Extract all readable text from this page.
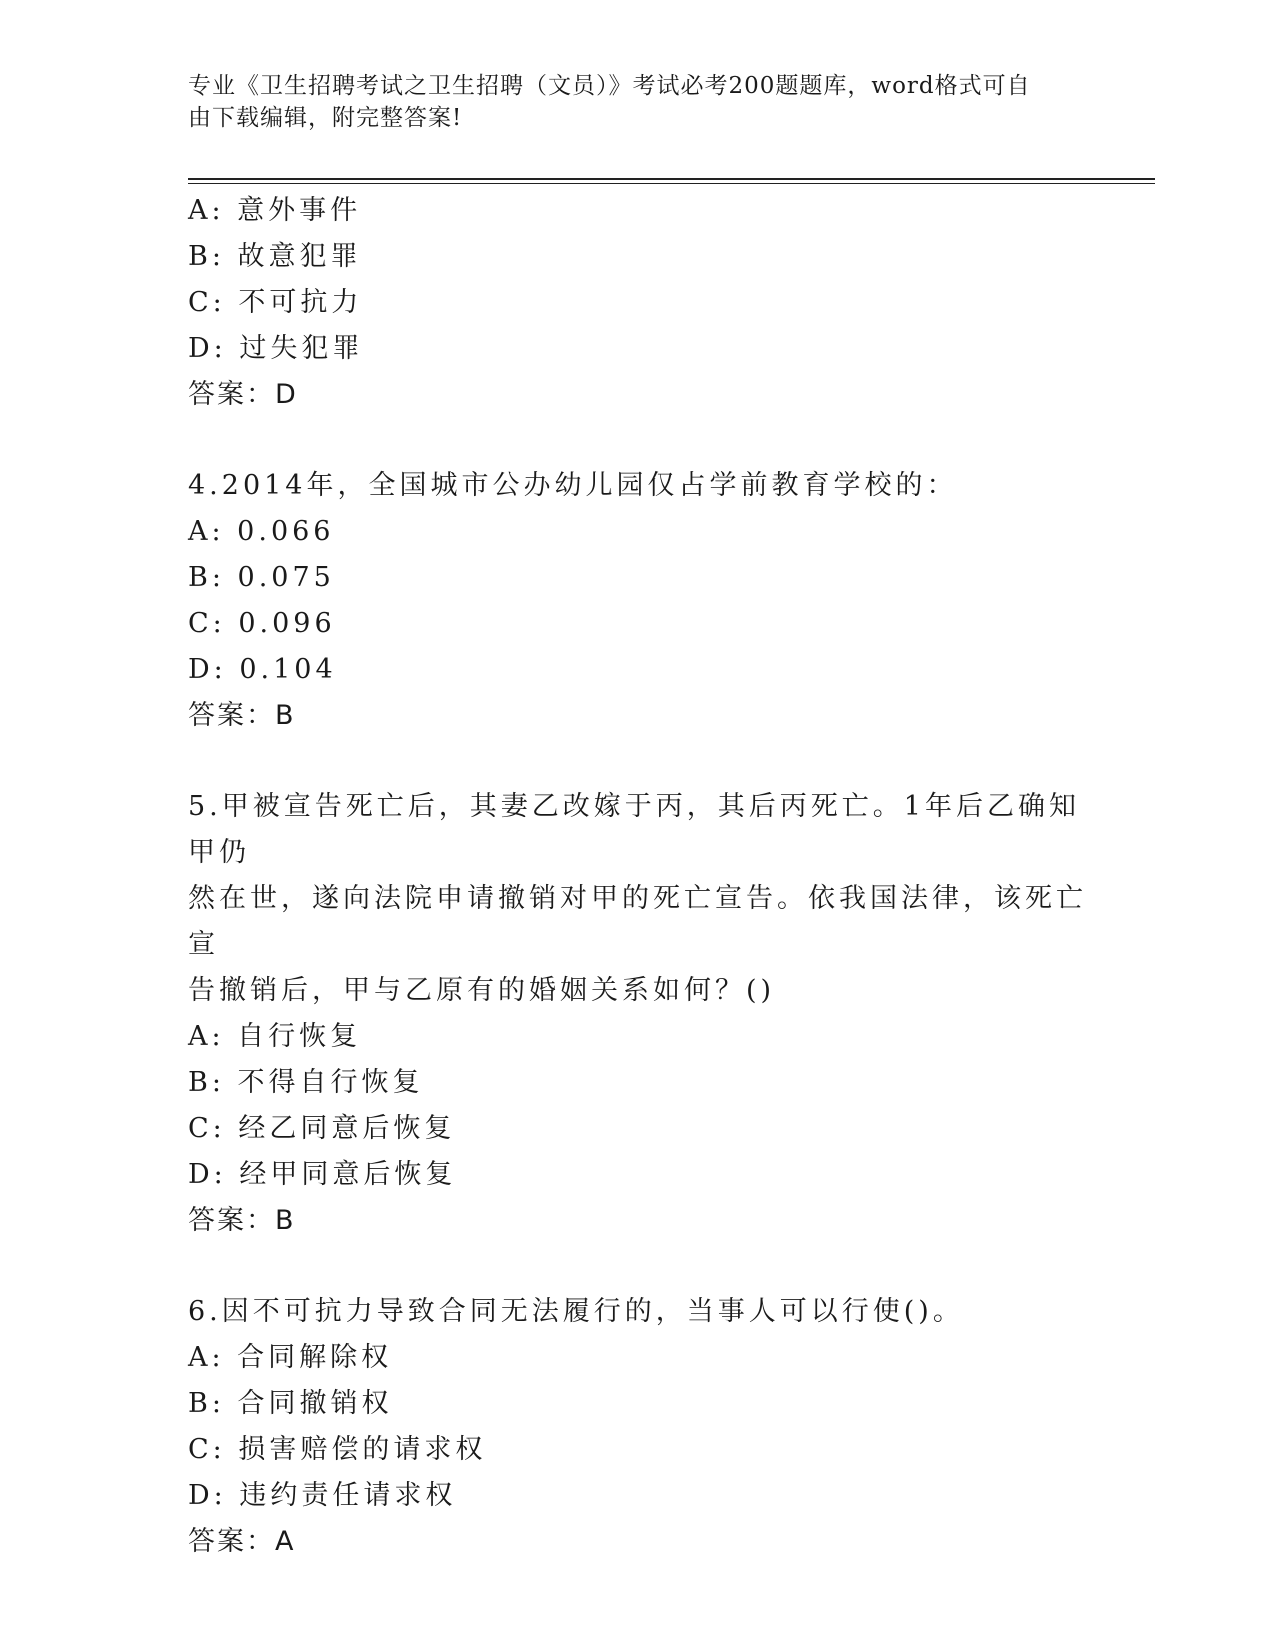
专业《卫生招聘考试之卫生招聘（文员）》考试必考200题题库，word格式可自
由下载编辑，附完整答案!
A: 意外事件
B: 故意犯罪
C: 不可抗力
D: 过失犯罪
答案：D
4.2014年，全国城市公办幼儿园仅占学前教育学校的：
A: 0.066
B: 0.075
C: 0.096
D: 0.104
答案：B
5.甲被宣告死亡后，其妻乙改嫁于丙，其后丙死亡。1年后乙确知甲仍
然在世，遂向法院申请撤销对甲的死亡宣告。依我国法律，该死亡宣
告撤销后，甲与乙原有的婚姻关系如何？()
A: 自行恢复
B: 不得自行恢复
C: 经乙同意后恢复
D: 经甲同意后恢复
答案：B
6.因不可抗力导致合同无法履行的，当事人可以行使()。
A: 合同解除权
B: 合同撤销权
C: 损害赔偿的请求权
D: 违约责任请求权
答案：A
